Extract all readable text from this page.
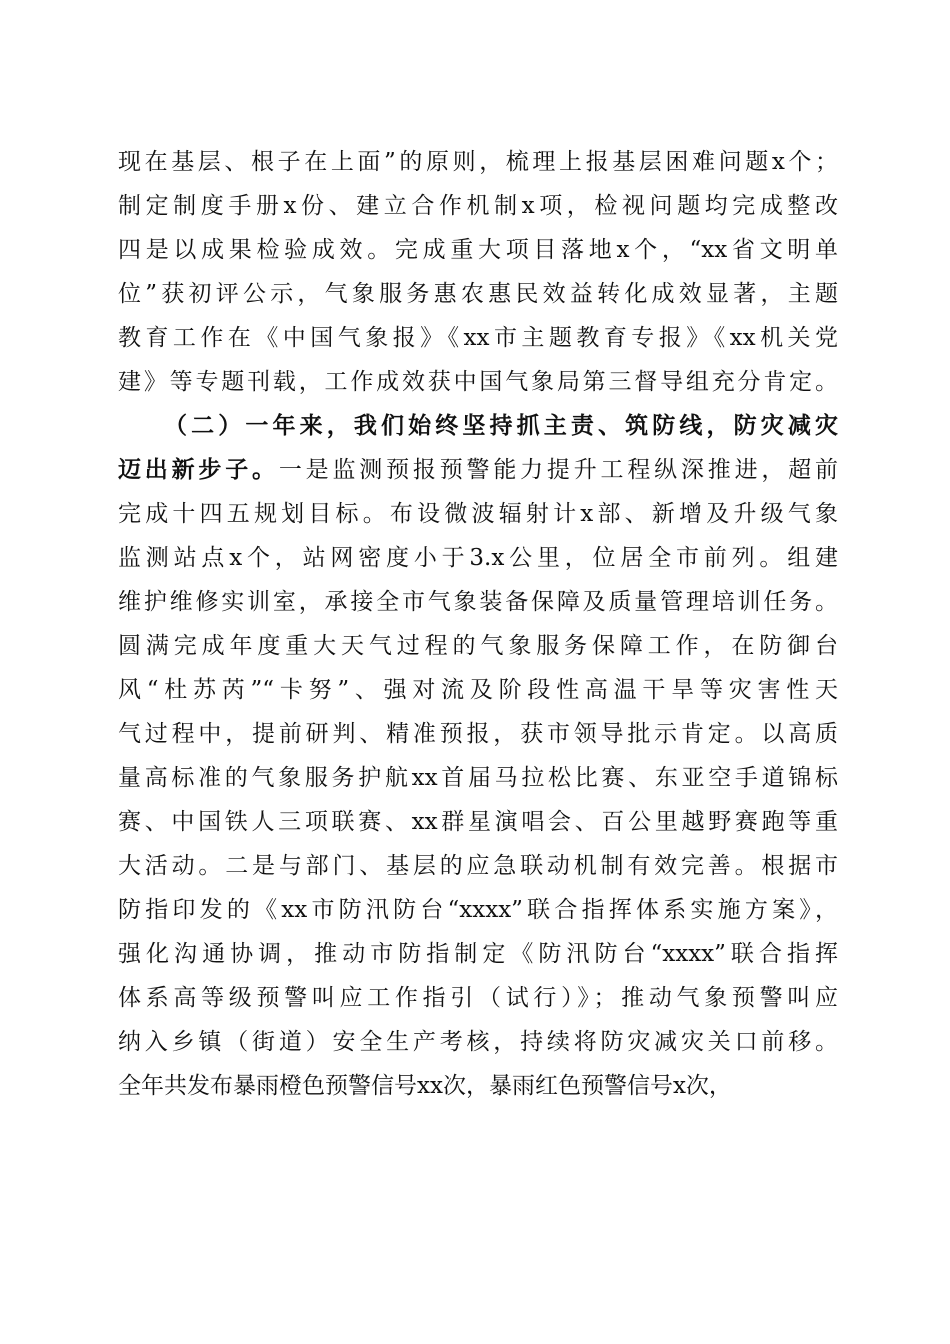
现在基层、根子在上面”的原则，梳理上报基层困难问题x个；
制定制度手册x份、建立合作机制x项，检视问题均完成整改
四是以成果检验成效。完成重大项目落地x个，“xx省文明单
位”获初评公示，气象服务惠农惠民效益转化成效显著，主题
教育工作在《中国气象报》《xx市主题教育专报》《xx机关党
建》等专题刊载，工作成效获中国气象局第三督导组充分肯定。
（二）一年来，我们始终坚持抓主责、筑防线，防灾减灾
迈出新步子。一是监测预报预警能力提升工程纵深推进，超前
完成十四五规划目标。布设微波辐射计x部、新增及升级气象
监测站点x个，站网密度小于3.x公里，位居全市前列。组建
维护维修实训室，承接全市气象装备保障及质量管理培训任务。
圆满完成年度重大天气过程的气象服务保障工作，在防御台
风“杜苏芮”“卡努”、强对流及阶段性高温干旱等灾害性天
气过程中，提前研判、精准预报，获市领导批示肯定。以高质
量高标准的气象服务护航xx首届马拉松比赛、东亚空手道锦标
赛、中国铁人三项联赛、xx群星演唱会、百公里越野赛跑等重
大活动。二是与部门、基层的应急联动机制有效完善。根据市
防指印发的《xx市防汛防台“xxxx”联合指挥体系实施方案》，
强化沟通协调，推动市防指制定《防汛防台“xxxx”联合指挥
体系高等级预警叫应工作指引（试行）》；推动气象预警叫应
纳入乡镇（街道）安全生产考核，持续将防灾减灾关口前移。
全年共发布暴雨橙色预警信号xx次，暴雨红色预警信号x次，
